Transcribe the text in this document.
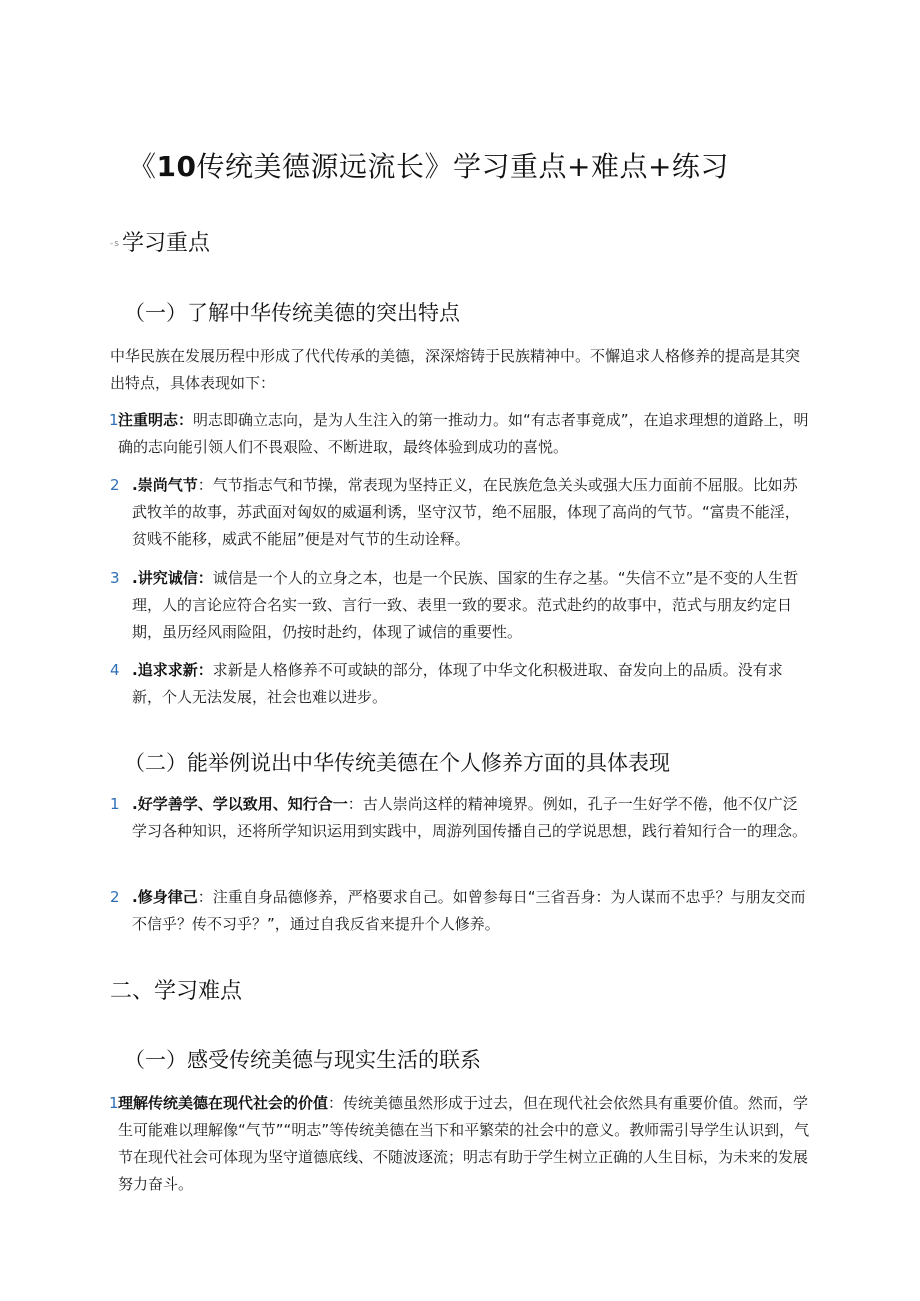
《10传统美德源远流长》学习重点+难点+练习
-s学习重点
（一）了解中华传统美德的突出特点
中华民族在发展历程中形成了代代传承的美德，深深熔铸于民族精神中。不懈追求人格修养的提高是其突出特点，具体表现如下：
1 注重明志：明志即确立志向，是为人生注入的第一推动力。如“有志者事竟成”，在追求理想的道路上，明确的志向能引领人们不畏艰险、不断进取，最终体验到成功的喜悦。
2 .崇尚气节：气节指志气和节操，常表现为坚持正义，在民族危急关头或强大压力面前不屈服。比如苏武牧羊的故事，苏武面对匈奴的威逼利诱，坚守汉节，绝不屈服，体现了高尚的气节。“富贵不能淫，贫贱不能移，威武不能屈”便是对气节的生动诠释。
3 .讲究诚信：诚信是一个人的立身之本，也是一个民族、国家的生存之基。“失信不立”是不变的人生哲理，人的言论应符合名实一致、言行一致、表里一致的要求。范式赴约的故事中，范式与朋友约定日期，虽历经风雨险阻，仍按时赴约，体现了诚信的重要性。
4 .追求求新：求新是人格修养不可或缺的部分，体现了中华文化积极进取、奋发向上的品质。没有求新，个人无法发展，社会也难以进步。
（二）能举例说出中华传统美德在个人修养方面的具体表现
1 .好学善学、学以致用、知行合一：古人崇尚这样的精神境界。例如，孔子一生好学不倦，他不仅广泛学习各种知识，还将所学知识运用到实践中，周游列国传播自己的学说思想，践行着知行合一的理念。
2 .修身律己：注重自身品德修养，严格要求自己。如曾参每日“三省吾身：为人谋而不忠乎？与朋友交而不信乎？传不习乎？”，通过自我反省来提升个人修养。
二、学习难点
（一）感受传统美德与现实生活的联系
1 理解传统美德在现代社会的价值：传统美德虽然形成于过去，但在现代社会依然具有重要价值。然而，学生可能难以理解像“气节”“明志”等传统美德在当下和平繁荣的社会中的意义。教师需引导学生认识到，气节在现代社会可体现为坚守道德底线、不随波逐流；明志有助于学生树立正确的人生目标，为未来的发展努力奋斗。
